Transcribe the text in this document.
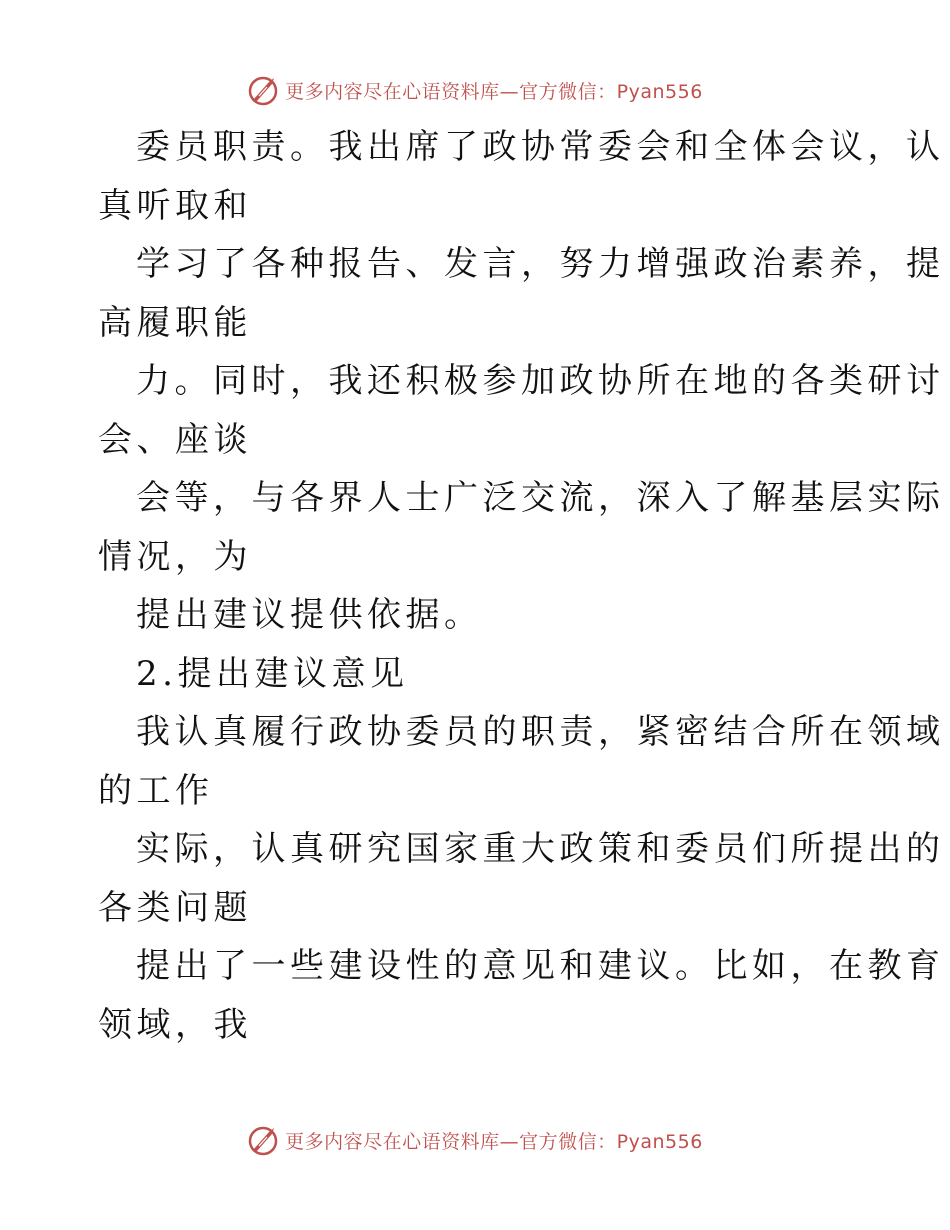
更多内容尽在心语资料库—官方微信：Pyan556
委员职责。我出席了政协常委会和全体会议，认
真听取和
学习了各种报告、发言，努力增强政治素养，提
高履职能
力。同时，我还积极参加政协所在地的各类研讨
会、座谈
会等，与各界人士广泛交流，深入了解基层实际
情况，为
提出建议提供依据。
2.提出建议意见
我认真履行政协委员的职责，紧密结合所在领域
的工作
实际，认真研究国家重大政策和委员们所提出的
各类问题
提出了一些建设性的意见和建议。比如，在教育
领域，我
更多内容尽在心语资料库—官方微信：Pyan556
